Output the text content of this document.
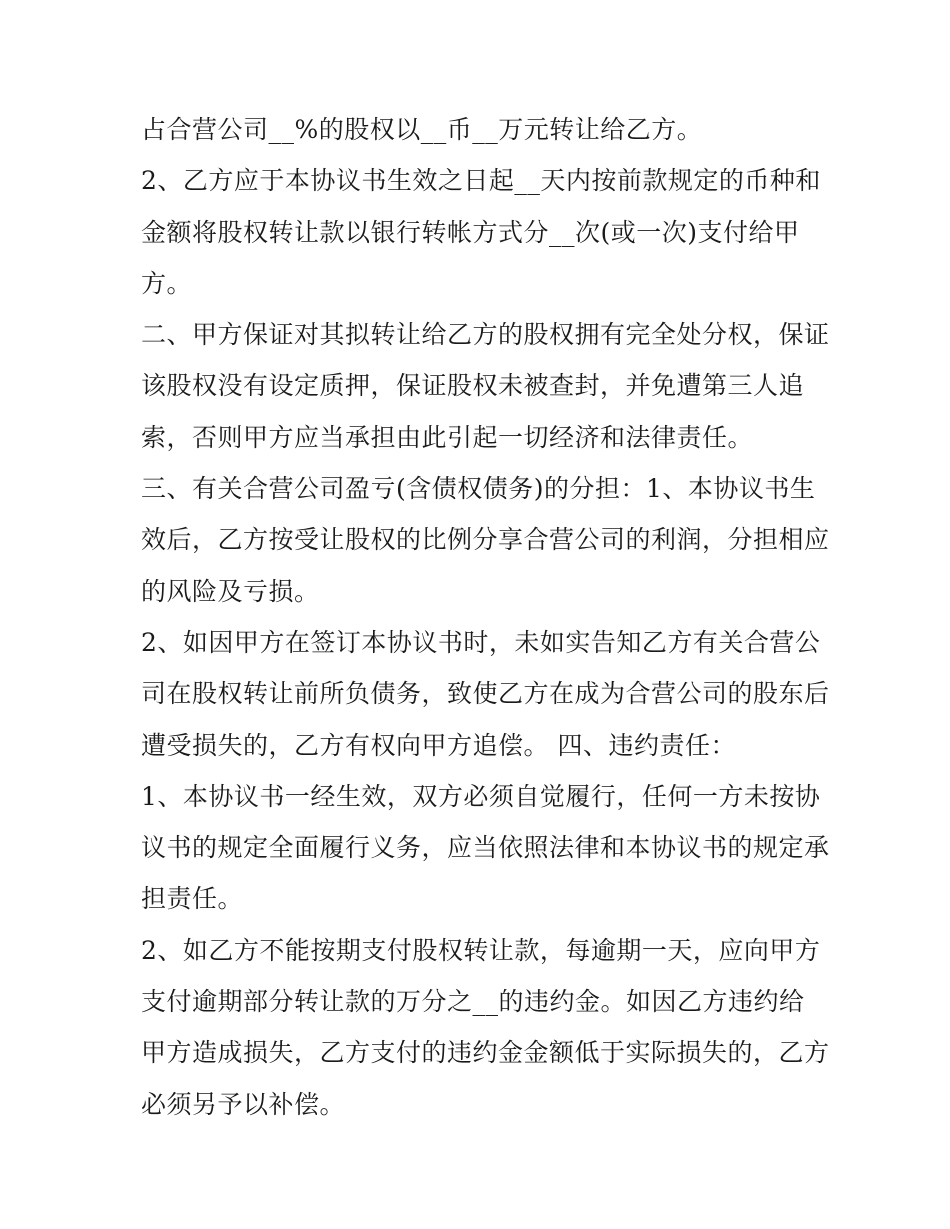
占合营公司__%的股权以__币__万元转让给乙方。
2、乙方应于本协议书生效之日起__天内按前款规定的币种和
金额将股权转让款以银行转帐方式分__次(或一次)支付给甲
方。
二、甲方保证对其拟转让给乙方的股权拥有完全处分权，保证
该股权没有设定质押，保证股权未被查封，并免遭第三人追
索，否则甲方应当承担由此引起一切经济和法律责任。
三、有关合营公司盈亏(含债权债务)的分担：1、本协议书生
效后，乙方按受让股权的比例分享合营公司的利润，分担相应
的风险及亏损。
2、如因甲方在签订本协议书时，未如实告知乙方有关合营公
司在股权转让前所负债务，致使乙方在成为合营公司的股东后
遭受损失的，乙方有权向甲方追偿。 四、违约责任：
1、本协议书一经生效，双方必须自觉履行，任何一方未按协
议书的规定全面履行义务，应当依照法律和本协议书的规定承
担责任。
2、如乙方不能按期支付股权转让款，每逾期一天，应向甲方
支付逾期部分转让款的万分之__的违约金。如因乙方违约给
甲方造成损失，乙方支付的违约金金额低于实际损失的，乙方
必须另予以补偿。
